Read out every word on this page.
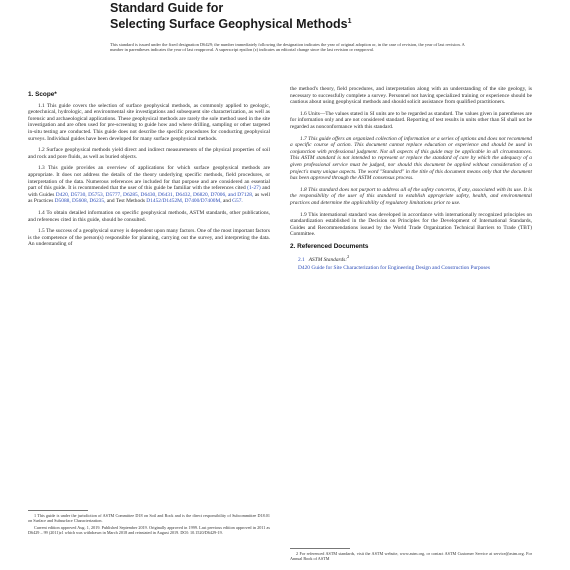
Standard Guide for
Selecting Surface Geophysical Methods$^1$
This standard is issued under the fixed designation D6429; the number immediately following the designation indicates the year of original adoption or, in the case of revision, the year of last revision. A number in parentheses indicates the year of last reapproval. A superscript epsilon (ε) indicates an editorial change since the last revision or reapproval.
1. Scope*

1.1 This guide covers the selection of surface geophysical methods, as commonly applied to geologic, geotechnical, hydrologic, and environmental site investigations and subsequent site characterization, as well as forensic and archaeological applications. These geophysical methods are rarely the sole method used in the site investigation and are often used for pre-screening to guide how and where drilling, sampling or other targeted in-situ testing are conducted. This guide does not describe the specific procedures for conducting geophysical surveys. Individual guides have been developed for many surface geophysical methods.

1.2 Surface geophysical methods yield direct and indirect measurements of the physical properties of soil and rock and pore fluids, as well as buried objects.

1.3 This guide provides an overview of applications for which surface geophysical methods are appropriate. It does not address the details of the theory underlying specific methods, field procedures, or interpretation of the data. Numerous references are included for that purpose and are considered an essential part of this guide. It is recommended that the user of this guide be familiar with the references cited (1-27) and with Guides D420, D5730, D5753, D5777, D6285, D6430, D6431, D6432, D6820, D7006, and D7128, as well as Practices D5088, D5608, D6235, and Test Methods D1452/D1452M, D7400/D7400M, and G57.

1.4 To obtain detailed information on specific geophysical methods, ASTM standards, other publications, and references cited in this guide, should be consulted.

1.5 The success of a geophysical survey is dependent upon many factors. One of the most important factors is the competence of the person(s) responsible for planning, carrying out the survey, and interpreting the data. An understanding of

the method's theory, field procedures, and interpretation along with an understanding of the site geology, is necessary to successfully complete a survey. Personnel not having specialized training or experience should be cautious about using geophysical methods and should solicit assistance from qualified practitioners.

1.6 Units—The values stated in SI units are to be regarded as standard. The values given in parentheses are for information only and are not considered standard. Reporting of test results in units other than SI shall not be regarded as nonconformance with this standard.

1.7 This guide offers an organized collection of information or a series of options and does not recommend a specific course of action. This document cannot replace education or experience and should be used in conjunction with professional judgment. Not all aspects of this guide may be applicable in all circumstances. This ASTM standard is not intended to represent or replace the standard of care by which the adequacy of a given professional service must be judged, nor should this document be applied without consideration of a project's many unique aspects. The word "Standard" in the title of this document means only that the document has been approved through the ASTM consensus process.

1.8 This standard does not purport to address all of the safety concerns, if any, associated with its use. It is the responsibility of the user of this standard to establish appropriate safety, health, and environmental practices and determine the applicability of regulatory limitations prior to use.

1.9 This international standard was developed in accordance with internationally recognized principles on standardization established in the Decision on Principles for the Development of International Standards, Guides and Recommendations issued by the World Trade Organization Technical Barriers to Trade (TBT) Committee.

2. Referenced Documents
2.1 ASTM Standards:$^2$
D420 Guide for Site Characterization for Engineering Design and Construction Purposes

1 This guide is under the jurisdiction of ASTM Committee D18 on Soil and Rock and is the direct responsibility of Subcommittee D18.01 on Surface and Subsurface Characterization.

Current edition approved Aug. 1, 2019. Published September 2019. Originally approved in 1999. Last previous edition approved in 2011 as D6429 – 99 (2011)ε1 which was withdrawn in March 2018 and reinstated in August 2019. DOI: 10.1520/D6429-19.

2 For referenced ASTM standards, visit the ASTM website, www.astm.org, or contact ASTM Customer Service at service@astm.org. For Annual Book of ASTM
